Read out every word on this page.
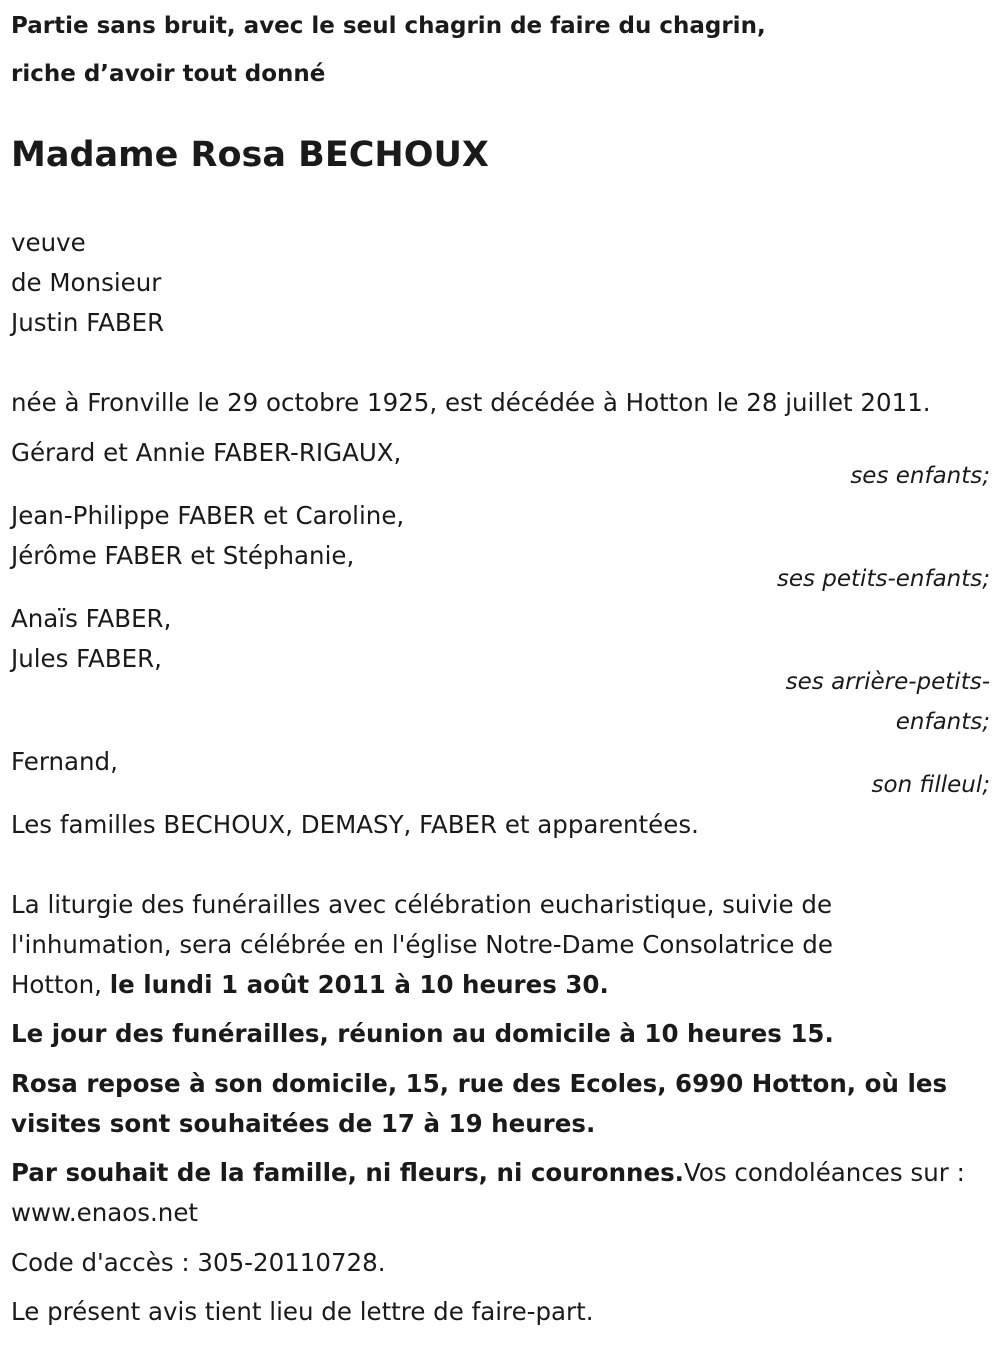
Partie sans bruit, avec le seul chagrin de faire du chagrin,
riche d’avoir tout donné
Madame Rosa BECHOUX
veuve
de Monsieur
Justin FABER
née à Fronville le 29 octobre 1925, est décédée à Hotton le 28 juillet 2011.
Gérard et Annie FABER-RIGAUX,
ses enfants;
Jean-Philippe FABER et Caroline,
Jérôme FABER et Stéphanie,
ses petits-enfants;
Anaïs FABER,
Jules FABER,
ses arrière-petits-
enfants;
Fernand,
son filleul;
Les familles BECHOUX, DEMASY, FABER et apparentées.
La liturgie des funérailles avec célébration eucharistique, suivie de
l'inhumation, sera célébrée en l'église Notre-Dame Consolatrice de
Hotton, le lundi 1 août 2011 à 10 heures 30.
Le jour des funérailles, réunion au domicile à 10 heures 15.
Rosa repose à son domicile, 15, rue des Ecoles, 6990 Hotton, où les
visites sont souhaitées de 17 à 19 heures.
Par souhait de la famille, ni fleurs, ni couronnes.Vos condoléances sur :
www.enaos.net
Code d'accès : 305-20110728.
Le présent avis tient lieu de lettre de faire-part.
